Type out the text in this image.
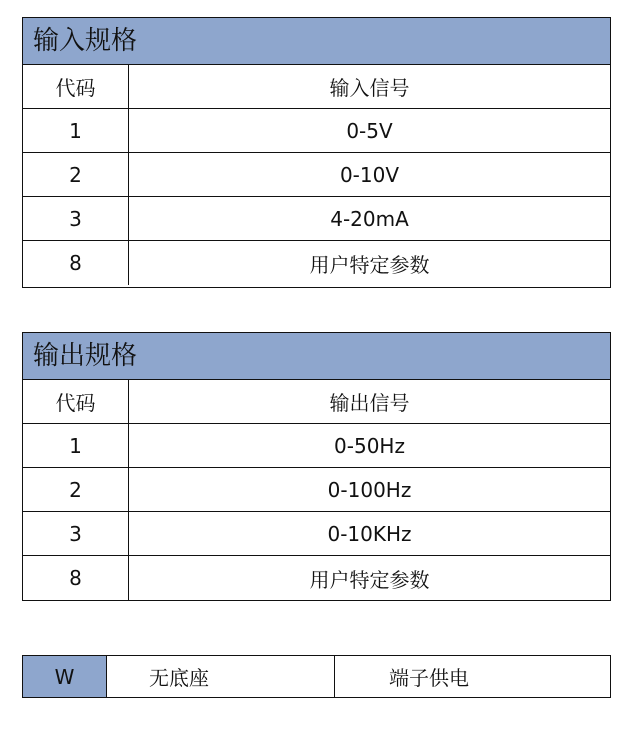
输入规格
代码	输入信号
1	0-5V
2	0-10V
3	4-20mA
8	用户特定参数
输出规格
代码	输出信号
1	0-50Hz
2	0-100Hz
3	0-10KHz
8	用户特定参数
W	无底座	端子供电
